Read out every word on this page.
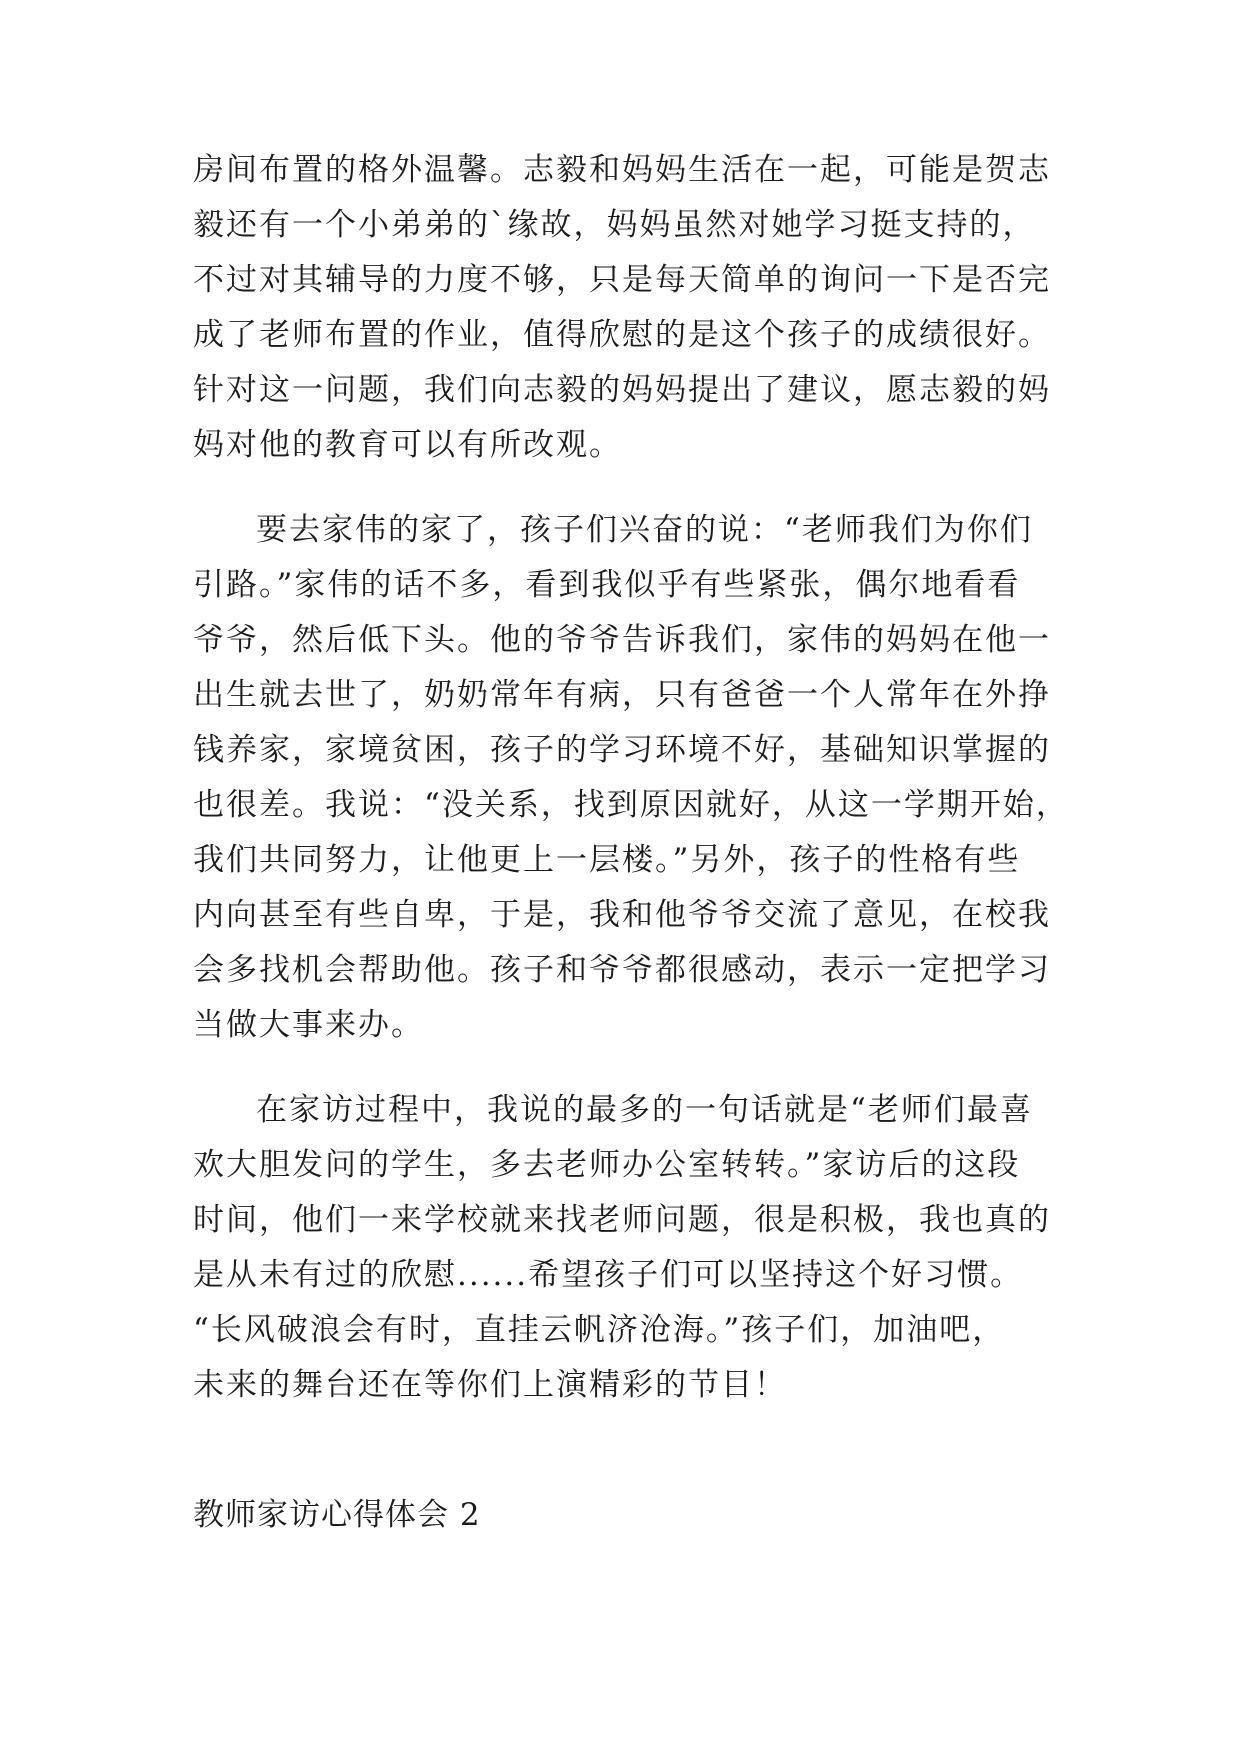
房间布置的格外温馨。志毅和妈妈生活在一起，可能是贺志

毅还有一个小弟弟的`缘故，妈妈虽然对她学习挺支持的，

不过对其辅导的力度不够，只是每天简单的询问一下是否完

成了老师布置的作业，值得欣慰的是这个孩子的成绩很好。

针对这一问题，我们向志毅的妈妈提出了建议，愿志毅的妈

妈对他的教育可以有所改观。

要去家伟的家了，孩子们兴奋的说：“老师我们为你们

引路。”家伟的话不多，看到我似乎有些紧张，偶尔地看看

爷爷，然后低下头。他的爷爷告诉我们，家伟的妈妈在他一

出生就去世了，奶奶常年有病，只有爸爸一个人常年在外挣

钱养家，家境贫困，孩子的学习环境不好，基础知识掌握的

也很差。我说：“没关系，找到原因就好，从这一学期开始，

我们共同努力，让他更上一层楼。”另外，孩子的性格有些

内向甚至有些自卑，于是，我和他爷爷交流了意见，在校我

会多找机会帮助他。孩子和爷爷都很感动，表示一定把学习

当做大事来办。

在家访过程中，我说的最多的一句话就是“老师们最喜

欢大胆发问的学生，多去老师办公室转转。”家访后的这段

时间，他们一来学校就来找老师问题，很是积极，我也真的

是从未有过的欣慰......希望孩子们可以坚持这个好习惯。

“长风破浪会有时，直挂云帆济沧海。”孩子们，加油吧，

未来的舞台还在等你们上演精彩的节目！

教师家访心得体会 2
